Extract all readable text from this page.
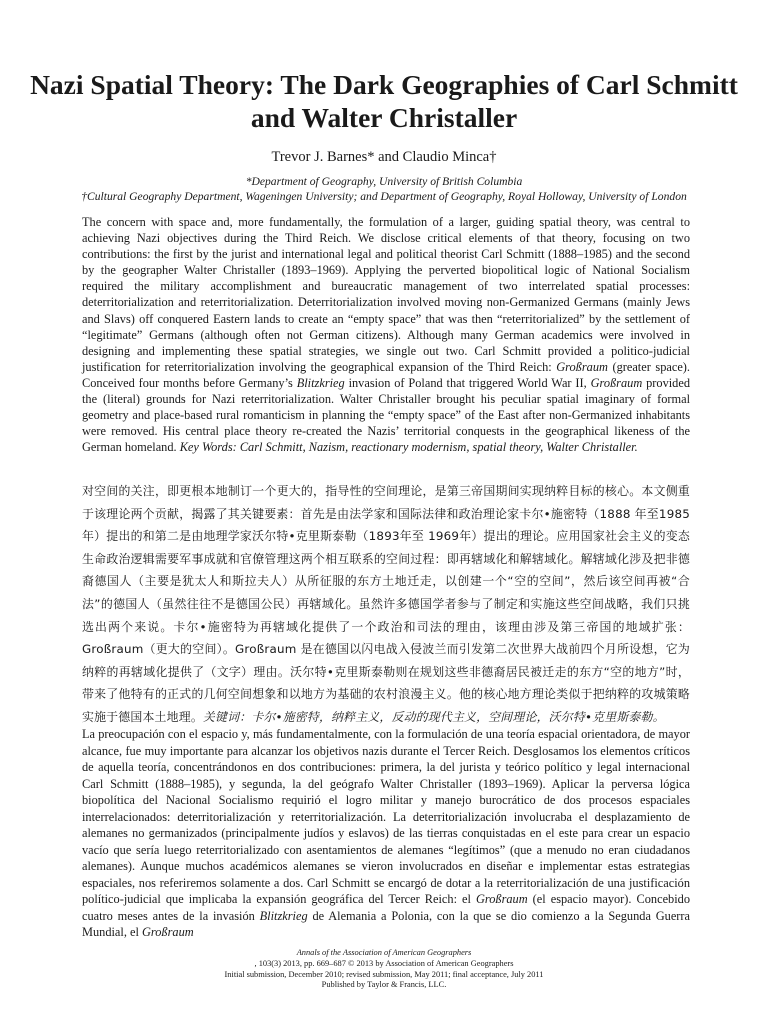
Nazi Spatial Theory: The Dark Geographies of Carl Schmitt and Walter Christaller
Trevor J. Barnes* and Claudio Minca†
*Department of Geography, University of British Columbia
†Cultural Geography Department, Wageningen University; and Department of Geography, Royal Holloway, University of London

The concern with space and, more fundamentally, the formulation of a larger, guiding spatial theory, was central to achieving Nazi objectives during the Third Reich. We disclose critical elements of that theory, focusing on two contributions: the first by the jurist and international legal and political theorist Carl Schmitt (1888–1985) and the second by the geographer Walter Christaller (1893–1969). Applying the perverted biopolitical logic of National Socialism required the military accomplishment and bureaucratic management of two interrelated spatial processes: deterritorialization and reterritorialization. Deterritorialization involved moving non-Germanized Germans (mainly Jews and Slavs) off conquered Eastern lands to create an “empty space” that was then “reterritorialized” by the settlement of “legitimate” Germans (although often not German citizens). Although many German academics were involved in designing and implementing these spatial strategies, we single out two. Carl Schmitt provided a politico-judicial justification for reterritorialization involving the geographical expansion of the Third Reich: Großraum (greater space). Conceived four months before Germany’s Blitzkrieg invasion of Poland that triggered World War II, Großraum provided the (literal) grounds for Nazi reterritorialization. Walter Christaller brought his peculiar spatial imaginary of formal geometry and place-based rural romanticism in planning the “empty space” of the East after non-Germanized inhabitants were removed. His central place theory re-created the Nazis’ territorial conquests in the geographical likeness of the German homeland. Key Words: Carl Schmitt, Nazism, reactionary modernism, spatial theory, Walter Christaller.

对空间的关注，即更根本地制订一个更大的，指导性的空间理论，是第三帝国期间实现纳粹目标的核心。本文侧重于该理论两个贡献，揭露了其关键要素：首先是由法学家和国际法律和政治理论家卡尔•施密特（1888 年至1985年）提出的和第二是由地理学家沃尔特•克里斯泰勒（1893年至 1969年）提出的理论。应用国家社会主义的变态生命政治逻辑需要军事成就和官僚管理这两个相互联系的空间过程：即再辖域化和解辖域化。解辖域化涉及把非德裔德国人（主要是犹太人和斯拉夫人）从所征服的东方土地迁走，以创建一个“空的空间”，然后该空间再被“合法”的德国人（虽然往往不是德国公民）再辖域化。虽然许多德国学者参与了制定和实施这些空间战略，我们只挑选出两个来说。卡尔•施密特为再辖域化提供了一个政治和司法的理由，该理由涉及第三帝国的地域扩张：Großraum（更大的空间）。Großraum 是在德国以闪电战入侵波兰而引发第二次世界大战前四个月所设想，它为纳粹的再辖域化提供了（文字）理由。沃尔特•克里斯泰勒则在规划这些非德裔居民被迁走的东方“空的地方”时，带来了他特有的正式的几何空间想象和以地方为基础的农村浪漫主义。他的核心地方理论类似于把纳粹的攻城策略实施于德国本土地理。关键词：卡尔•施密特，纳粹主义，反动的现代主义，空间理论，沃尔特•克里斯泰勒。

La preocupación con el espacio y, más fundamentalmente, con la formulación de una teoría espacial orientadora, de mayor alcance, fue muy importante para alcanzar los objetivos nazis durante el Tercer Reich. Desglosamos los elementos críticos de aquella teoría, concentrándonos en dos contribuciones: primera, la del jurista y teórico político y legal internacional Carl Schmitt (1888–1985), y segunda, la del geógrafo Walter Christaller (1893–1969). Aplicar la perversa lógica biopolítica del Nacional Socialismo requirió el logro militar y manejo burocrático de dos procesos espaciales interrelacionados: deterritorialización y reterritorialización. La deterritorialización involucraba el desplazamiento de alemanes no germanizados (principalmente judíos y eslavos) de las tierras conquistadas en el este para crear un espacio vacío que sería luego reterritorializado con asentamientos de alemanes “legítimos” (que a menudo no eran ciudadanos alemanes). Aunque muchos académicos alemanes se vieron involucrados en diseñar e implementar estas estrategias espaciales, nos referiremos solamente a dos. Carl Schmitt se encargó de dotar a la reterritorialización de una justificación político-judicial que implicaba la expansión geográfica del Tercer Reich: el Großraum (el espacio mayor). Concebido cuatro meses antes de la invasión Blitzkrieg de Alemania a Polonia, con la que se dio comienzo a la Segunda Guerra Mundial, el Großraum

Annals of the Association of American Geographers
, 103(3) 2013, pp. 669–687 © 2013 by Association of American Geographers
Initial submission, December 2010; revised submission, May 2011; final acceptance, July 2011
Published by Taylor & Francis, LLC.
